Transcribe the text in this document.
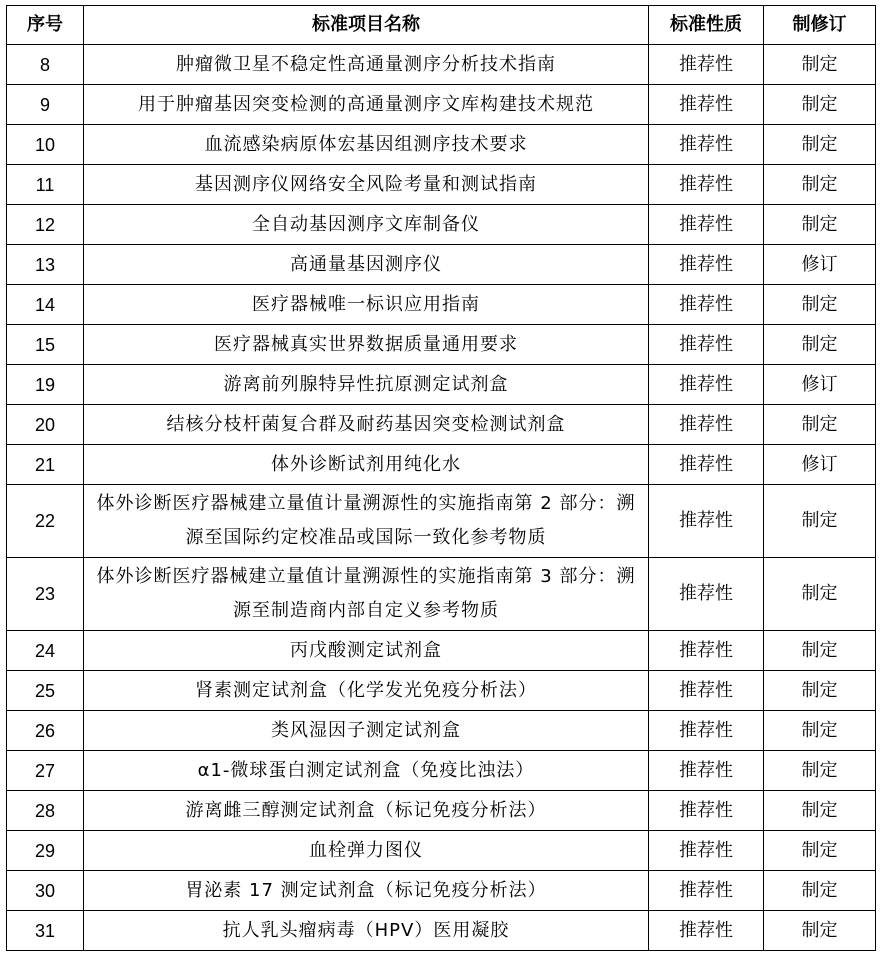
序号	标准项目名称	标准性质	制修订
8	肿瘤微卫星不稳定性高通量测序分析技术指南	推荐性	制定
9	用于肿瘤基因突变检测的高通量测序文库构建技术规范	推荐性	制定
10	血流感染病原体宏基因组测序技术要求	推荐性	制定
11	基因测序仪网络安全风险考量和测试指南	推荐性	制定
12	全自动基因测序文库制备仪	推荐性	制定
13	高通量基因测序仪	推荐性	修订
14	医疗器械唯一标识应用指南	推荐性	制定
15	医疗器械真实世界数据质量通用要求	推荐性	制定
19	游离前列腺特异性抗原测定试剂盒	推荐性	修订
20	结核分枝杆菌复合群及耐药基因突变检测试剂盒	推荐性	制定
21	体外诊断试剂用纯化水	推荐性	修订
22	体外诊断医疗器械建立量值计量溯源性的实施指南第 2 部分：溯源至国际约定校准品或国际一致化参考物质	推荐性	制定
23	体外诊断医疗器械建立量值计量溯源性的实施指南第 3 部分：溯源至制造商内部自定义参考物质	推荐性	制定
24	丙戊酸测定试剂盒	推荐性	制定
25	肾素测定试剂盒（化学发光免疫分析法）	推荐性	制定
26	类风湿因子测定试剂盒	推荐性	制定
27	α1-微球蛋白测定试剂盒（免疫比浊法）	推荐性	制定
28	游离雌三醇测定试剂盒（标记免疫分析法）	推荐性	制定
29	血栓弹力图仪	推荐性	制定
30	胃泌素 17 测定试剂盒（标记免疫分析法）	推荐性	制定
31	抗人乳头瘤病毒（HPV）医用凝胶	推荐性	制定
